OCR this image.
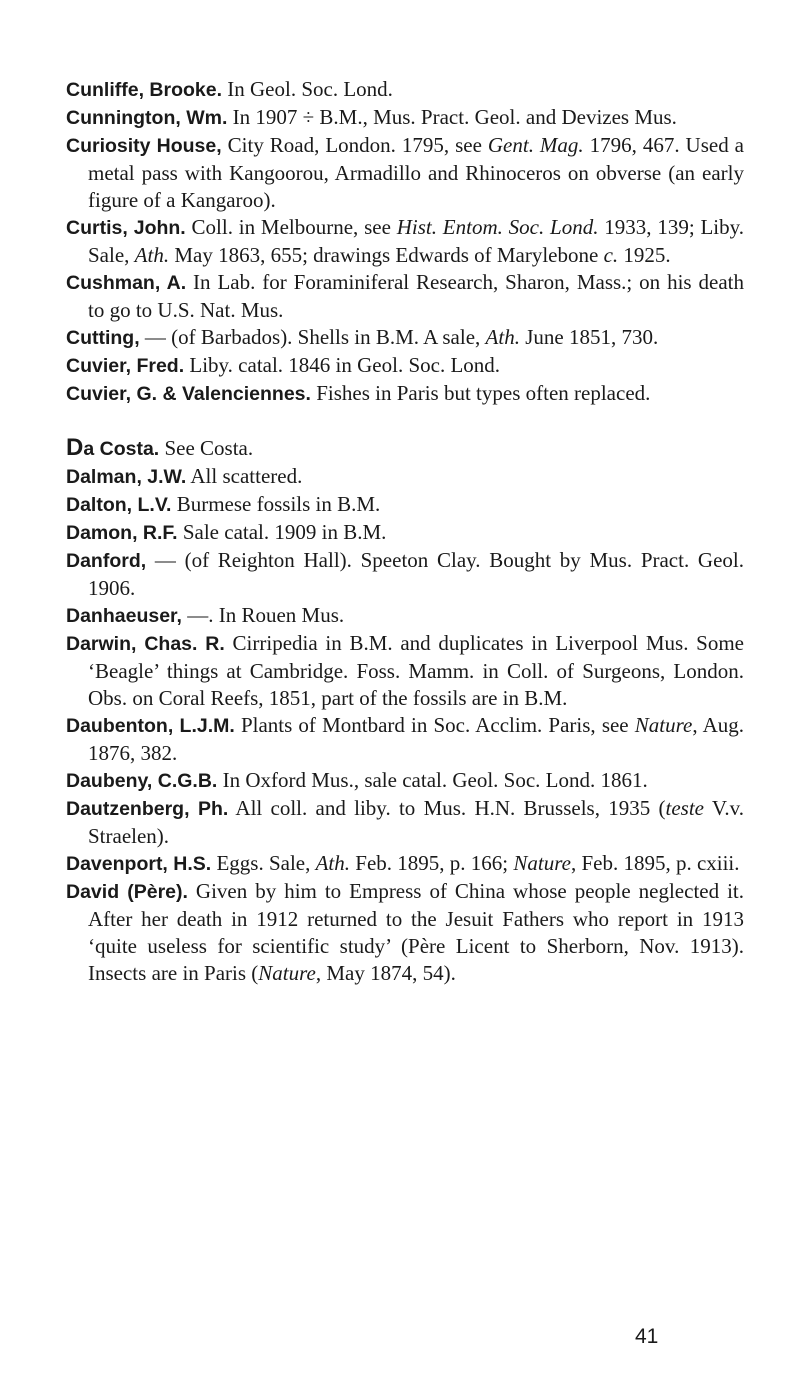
Cunliffe, Brooke. In Geol. Soc. Lond.

Cunnington, Wm. In 1907 ÷ B.M., Mus. Pract. Geol. and Devizes Mus.

Curiosity House, City Road, London. 1795, see Gent. Mag. 1796, 467. Used a metal pass with Kangoorou, Armadillo and Rhinoceros on obverse (an early figure of a Kangaroo).

Curtis, John. Coll. in Melbourne, see Hist. Entom. Soc. Lond. 1933, 139; Liby. Sale, Ath. May 1863, 655; drawings Edwards of Marylebone c. 1925.

Cushman, A. In Lab. for Foraminiferal Research, Sharon, Mass.; on his death to go to U.S. Nat. Mus.

Cutting, — (of Barbados). Shells in B.M. A sale, Ath. June 1851, 730.

Cuvier, Fred. Liby. catal. 1846 in Geol. Soc. Lond.

Cuvier, G. & Valenciennes. Fishes in Paris but types often replaced.

Da Costa. See Costa.

Dalman, J.W. All scattered.

Dalton, L.V. Burmese fossils in B.M.

Damon, R.F. Sale catal. 1909 in B.M.

Danford, — (of Reighton Hall). Speeton Clay. Bought by Mus. Pract. Geol. 1906.

Danhaeuser, —. In Rouen Mus.

Darwin, Chas. R. Cirripedia in B.M. and duplicates in Liverpool Mus. Some ‘Beagle’ things at Cambridge. Foss. Mamm. in Coll. of Surgeons, London. Obs. on Coral Reefs, 1851, part of the fossils are in B.M.

Daubenton, L.J.M. Plants of Montbard in Soc. Acclim. Paris, see Nature, Aug. 1876, 382.

Daubeny, C.G.B. In Oxford Mus., sale catal. Geol. Soc. Lond. 1861.

Dautzenberg, Ph. All coll. and liby. to Mus. H.N. Brussels, 1935 (teste V.v. Straelen).

Davenport, H.S. Eggs. Sale, Ath. Feb. 1895, p. 166; Nature, Feb. 1895, p. cxiii.

David (Père). Given by him to Empress of China whose people neglected it. After her death in 1912 returned to the Jesuit Fathers who report in 1913 ‘quite useless for scientific study’ (Père Licent to Sherborn, Nov. 1913). Insects are in Paris (Nature, May 1874, 54).

41
